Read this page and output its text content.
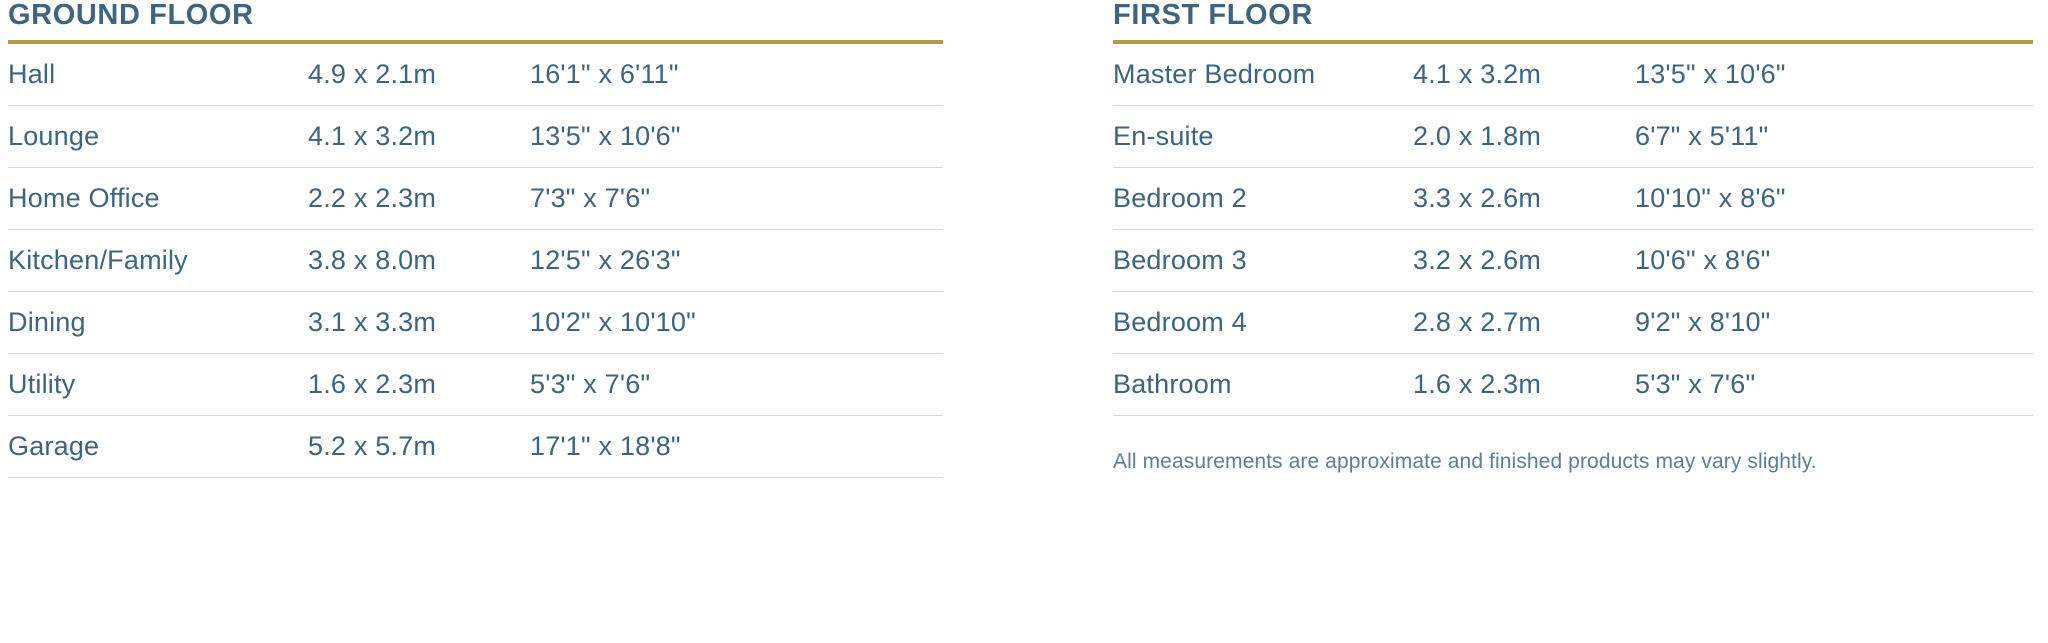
GROUND FLOOR
Hall	4.9 x 2.1m	16'1" x 6'11"
Lounge	4.1 x 3.2m	13'5" x 10'6"
Home Office	2.2 x 2.3m	7'3" x 7'6"
Kitchen/Family	3.8 x 8.0m	12'5" x 26'3"
Dining	3.1 x 3.3m	10'2" x 10'10"
Utility	1.6 x 2.3m	5'3" x 7'6"
Garage	5.2 x 5.7m	17'1" x 18'8"
FIRST FLOOR
Master Bedroom	4.1 x 3.2m	13'5" x 10'6"
En-suite	2.0 x 1.8m	6'7" x 5'11"
Bedroom 2	3.3 x 2.6m	10'10" x 8'6"
Bedroom 3	3.2 x 2.6m	10'6" x 8'6"
Bedroom 4	2.8 x 2.7m	9'2" x 8'10"
Bathroom	1.6 x 2.3m	5'3" x 7'6"
All measurements are approximate and finished products may vary slightly.
